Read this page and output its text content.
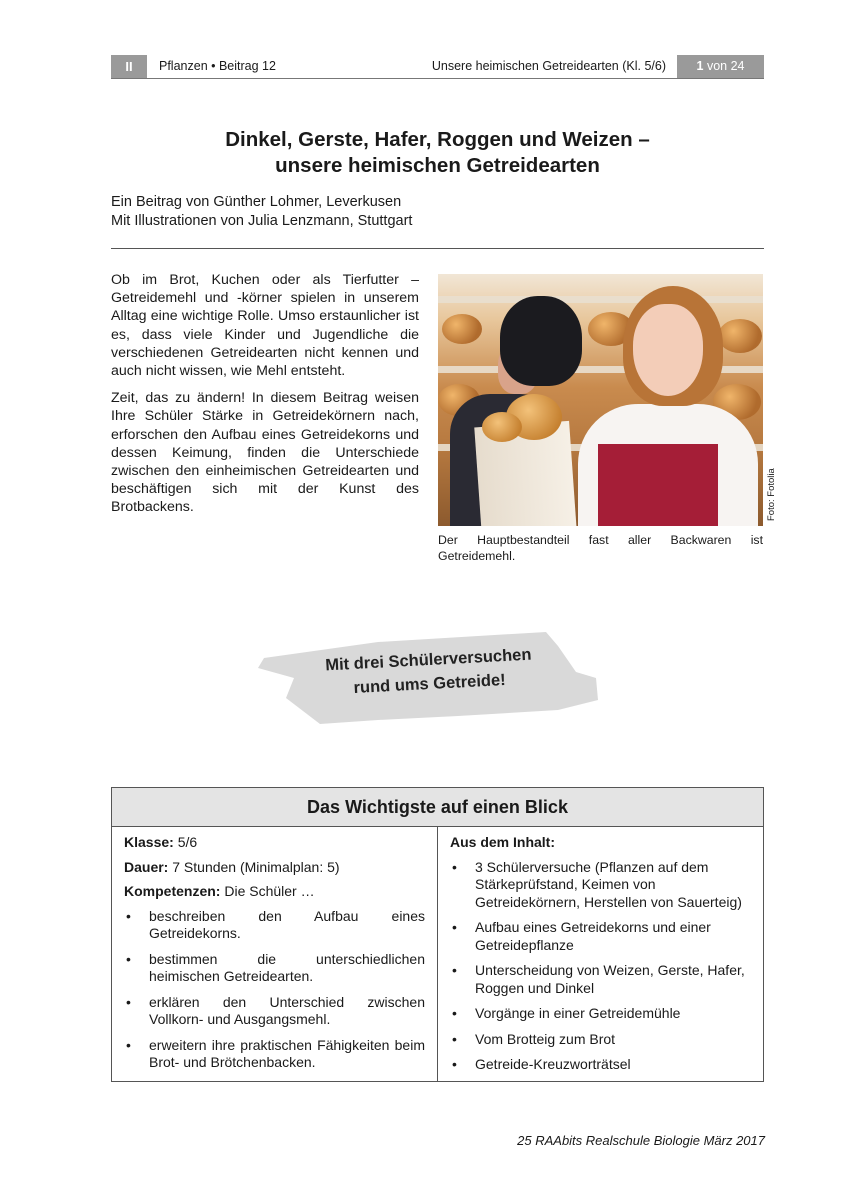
II	Pflanzen • Beitrag 12	Unsere heimischen Getreidearten (Kl. 5/6)	1 von 24
Dinkel, Gerste, Hafer, Roggen und Weizen –
unsere heimischen Getreidearten
Ein Beitrag von Günther Lohmer, Leverkusen
Mit Illustrationen von Julia Lenzmann, Stuttgart

Ob im Brot, Kuchen oder als Tierfutter – Getreidemehl und -körner spielen in unserem Alltag eine wichtige Rolle. Umso erstaunlicher ist es, dass viele Kinder und Jugendliche die verschiedenen Getreidearten nicht kennen und auch nicht wissen, wie Mehl entsteht.

Zeit, das zu ändern! In diesem Beitrag weisen Ihre Schüler Stärke in Getreidekörnern nach, erforschen den Aufbau eines Getreidekorns und dessen Keimung, finden die Unterschiede zwischen den einheimischen Getreidearten und beschäftigen sich mit der Kunst des Brotbackens.	Foto: Fotolia
Der Hauptbestandteil fast aller Backwaren ist Getreidemehl.
Mit drei Schülerversuchen
rund ums Getreide!
Das Wichtigste auf einen Blick

Klasse: 5/6

Dauer: 7 Stunden (Minimalplan: 5)

Kompetenzen: Die Schüler …

• beschreiben den Aufbau eines Getreidekorns.
• bestimmen die unterschiedlichen heimischen Getreidearten.
• erklären den Unterschied zwischen Vollkorn- und Ausgangsmehl.
• erweitern ihre praktischen Fähigkeiten beim Brot- und Brötchenbacken.

Aus dem Inhalt:

• 3 Schülerversuche (Pflanzen auf dem Stärkeprüfstand, Keimen von Getreidekörnern, Herstellen von Sauerteig)
• Aufbau eines Getreidekorns und einer Getreidepflanze
• Unterscheidung von Weizen, Gerste, Hafer, Roggen und Dinkel
• Vorgänge in einer Getreidemühle
• Vom Brotteig zum Brot
• Getreide-Kreuzworträtsel
25 RAAbits Realschule Biologie März 2017
